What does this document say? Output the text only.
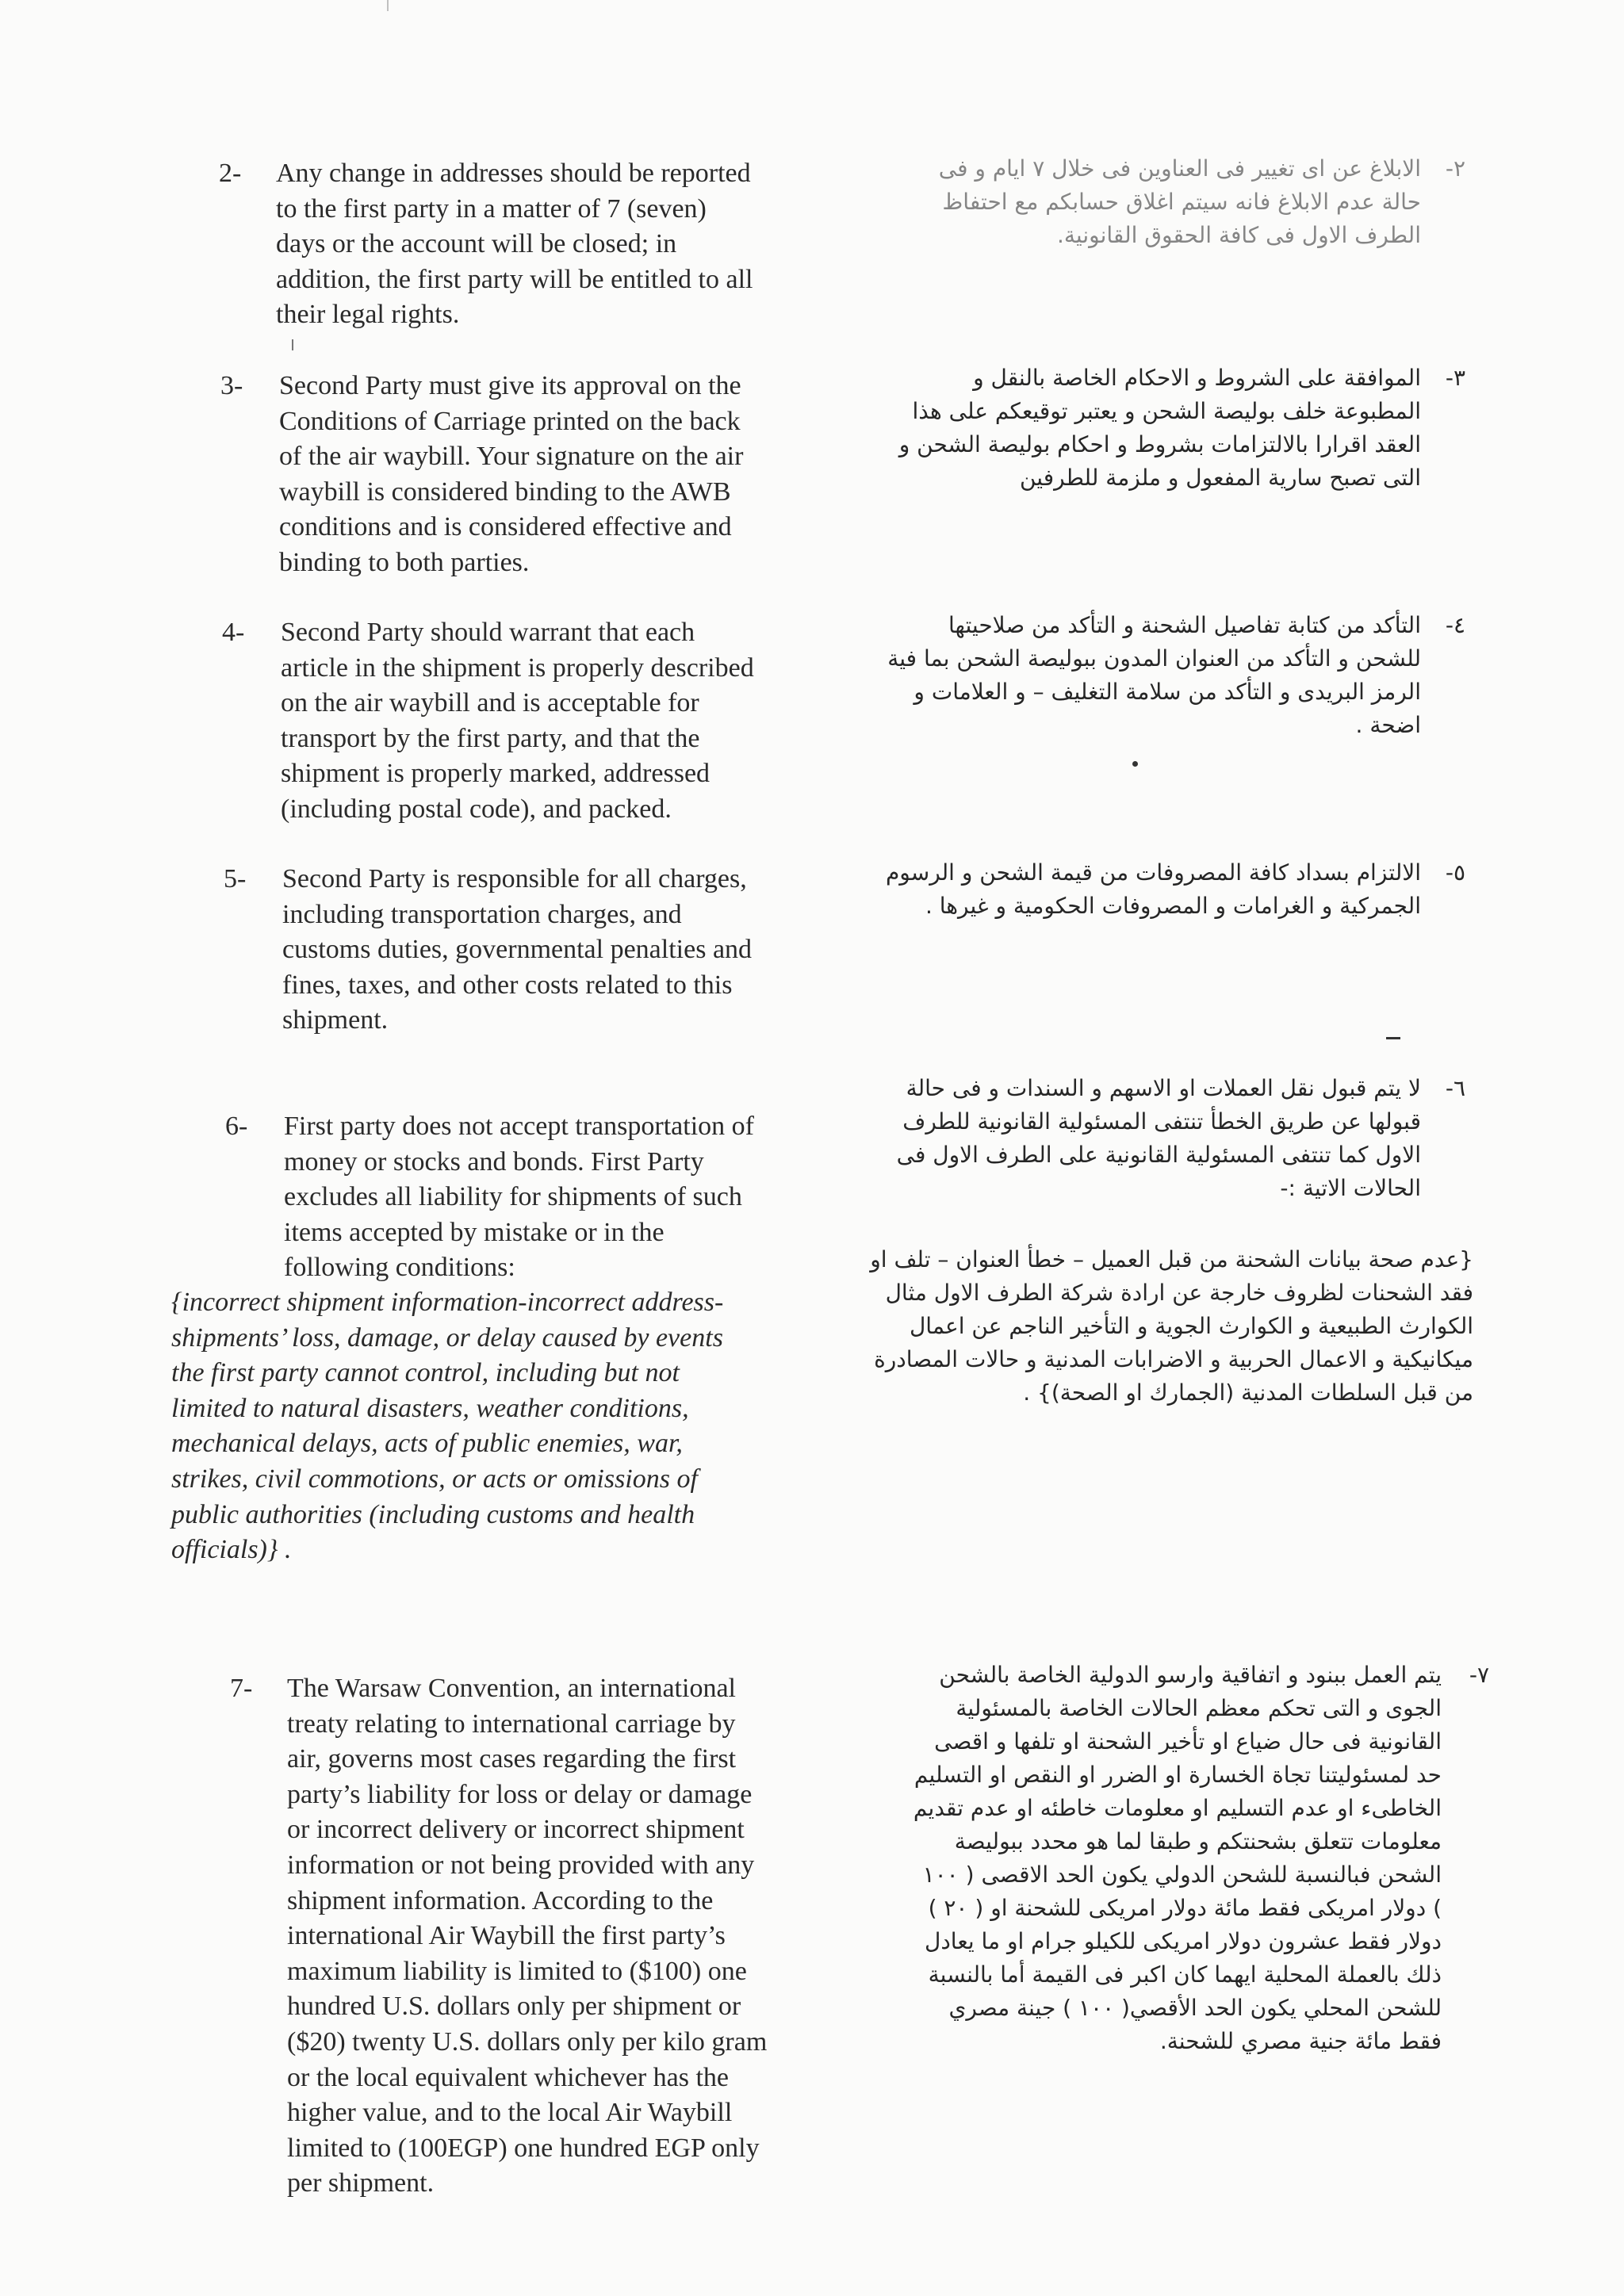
2- Any change in addresses should be reported
to the first party in a matter of 7 (seven)
days or the account will be closed; in
addition, the first party will be entitled to all
their legal rights.
3- Second Party must give its approval on the
Conditions of Carriage printed on the back
of the air waybill. Your signature on the air
waybill is considered binding to the AWB
conditions and is considered effective and
binding to both parties.
4- Second Party should warrant that each
article in the shipment is properly described
on the air waybill and is acceptable for
transport by the first party, and that the
shipment is properly marked, addressed
(including postal code), and packed.
5- Second Party is responsible for all charges,
including transportation charges, and
customs duties, governmental penalties and
fines, taxes, and other costs related to this
shipment.
6- First party does not accept transportation of
money or stocks and bonds. First Party
excludes all liability for shipments of such
items accepted by mistake or in the
following conditions:
{incorrect shipment information-incorrect address-
shipments’ loss, damage, or delay caused by events
the first party cannot control, including but not
limited to natural disasters, weather conditions,
mechanical delays, acts of public enemies, war,
strikes, civil commotions, or acts or omissions of
public authorities (including customs and health
officials)} .
7- The Warsaw Convention, an international
treaty relating to international carriage by
air, governs most cases regarding the first
party’s liability for loss or delay or damage
or incorrect delivery or incorrect shipment
information or not being provided with any
shipment information. According to the
international Air Waybill the first party’s
maximum liability is limited to ($100) one
hundred U.S. dollars only per shipment or
($20) twenty U.S. dollars only per kilo gram
or the local equivalent whichever has the
higher value, and to the local Air Waybill
limited to (100EGP) one hundred EGP only
per shipment.
الابلاغ عن اى تغيير فى العناوين فى خلال ٧ ايام و فى
حالة عدم الابلاغ فانه سيتم اغلاق حسابكم مع احتفاظ
الطرف الاول فى كافة الحقوق القانونية.
٢-
الموافقة على الشروط و الاحكام الخاصة بالنقل و
المطبوعة خلف بوليصة الشحن و يعتبر توقيعكم على هذا
العقد اقرارا بالالتزامات بشروط و احكام بوليصة الشحن و
التى تصبح سارية المفعول و ملزمة للطرفين
٣-
التأكد من كتابة تفاصيل الشحنة و التأكد من صلاحيتها
للشحن و التأكد من العنوان المدون ببوليصة الشحن بما فية
الرمز البريدى و التأكد من سلامة التغليف – و العلامات و
اضحة .
٤-
الالتزام بسداد كافة المصروفات من قيمة الشحن و الرسوم
الجمركية و الغرامات و المصروفات الحكومية و غيرها .
٥-
لا يتم قبول نقل العملات او الاسهم و السندات و فى حالة
قبولها عن طريق الخطأ تنتفى المسئولية القانونية للطرف
الاول كما تنتفى المسئولية القانونية على الطرف الاول فى
الحالات الاتية :-
٦-
{عدم صحة بيانات الشحنة من قبل العميل – خطأ العنوان – تلف او
فقد الشحنات لظروف خارجة عن ارادة شركة الطرف الاول مثال
الكوارث الطبيعية و الكوارث الجوية و التأخير الناجم عن اعمال
ميكانيكية و الاعمال الحربية و الاضرابات المدنية و حالات المصادرة
من قبل السلطات المدنية (الجمارك او الصحة)} .
يتم العمل ببنود و اتفاقية وارسو الدولية الخاصة بالشحن
الجوى و التى تحكم معظم الحالات الخاصة بالمسئولية
القانونية فى حال ضياع او تأخير الشحنة او تلفها و اقصى
حد لمسئوليتنا تجاة الخسارة او الضرر او النقص او التسليم
الخاطىء او عدم التسليم او معلومات خاطئه او عدم تقديم
معلومات تتعلق بشحنتكم و طبقا لما هو محدد ببوليصة
الشحن فبالنسبة للشحن الدولي يكون الحد الاقصى ( ١٠٠
) دولار امريكى فقط مائة دولار امريكى للشحنة او ( ٢٠ )
دولار فقط عشرون دولار امريكى للكيلو جرام او ما يعادل
ذلك بالعملة المحلية ايهما كان اكبر فى القيمة أما بالنسبة
للشحن المحلي يكون الحد الأقصي( ١٠٠ ) جينة مصري
فقط مائة جنية مصري للشحنة.
٧-
